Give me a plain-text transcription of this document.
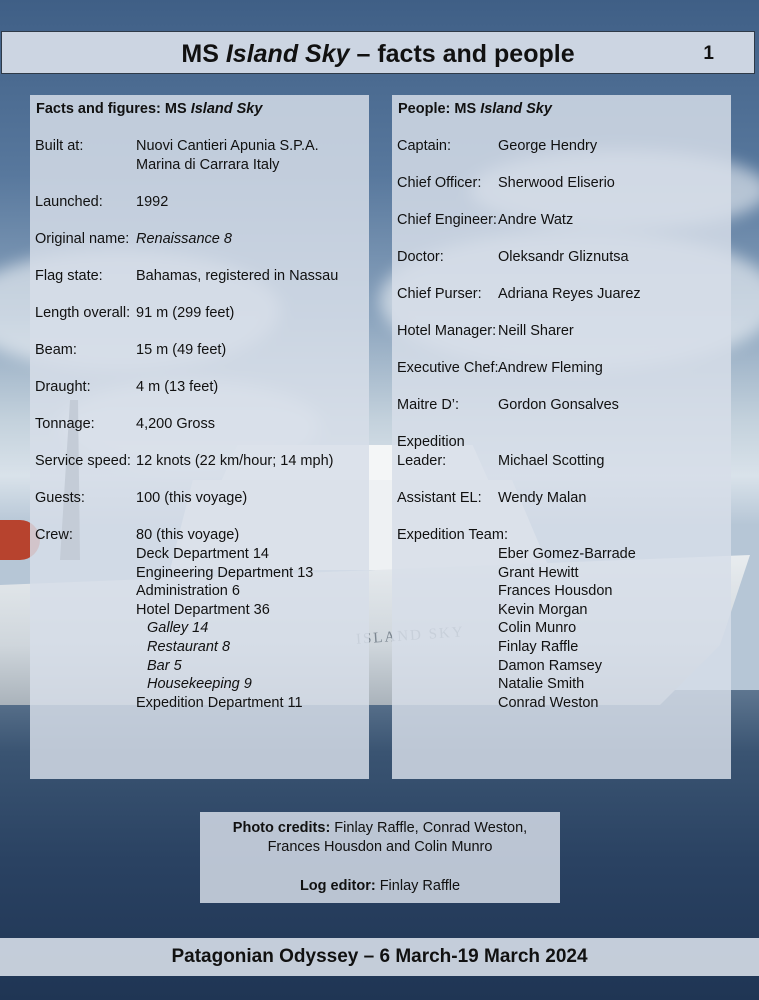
ISLAND
MS Island Sky – facts and people	1
Facts and figures: MS Island Sky
Built at:	Nuovi Cantieri Apunia S.P.A.
Marina di Carrara Italy
Launched: 1992
Original name: Renaissance 8
Flag state: Bahamas, registered in Nassau
Length overall: 91 m (299 feet)
Beam:	15 m (49 feet)
Draught:	4 m (13 feet)
Tonnage:	4,200 Gross
Service speed: 12 knots (22 km/hour; 14 mph)
Guests:	100 (this voyage)
Crew:	80 (this voyage)
Deck Department 14
Engineering Department 13
Administration 6
Hotel Department 36
Galley 14
Restaurant 8
Bar 5
Housekeeping 9
Expedition Department 11
People: MS Island Sky
Captain:	George Hendry
Chief Officer: Sherwood Eliserio
Chief Engineer: Andre Watz
Doctor:	Oleksandr Gliznutsa
Chief Purser: Adriana Reyes Juarez
Hotel Manager: Neill Sharer
Executive Chef: Andrew Fleming
Maitre D’:	Gordon Gonsalves
Expedition
Leader:	Michael Scotting
Assistant EL: Wendy Malan
Expedition Team:
Eber Gomez-Barrade
Grant Hewitt
Frances Housdon
Kevin Morgan
Colin Munro
Finlay Raffle
Damon Ramsey
Natalie Smith
Conrad Weston
Photo credits: Finlay Raffle, Conrad Weston,
Frances Housdon and Colin Munro
Log editor: Finlay Raffle
Patagonian Odyssey – 6 March-19 March 2024
